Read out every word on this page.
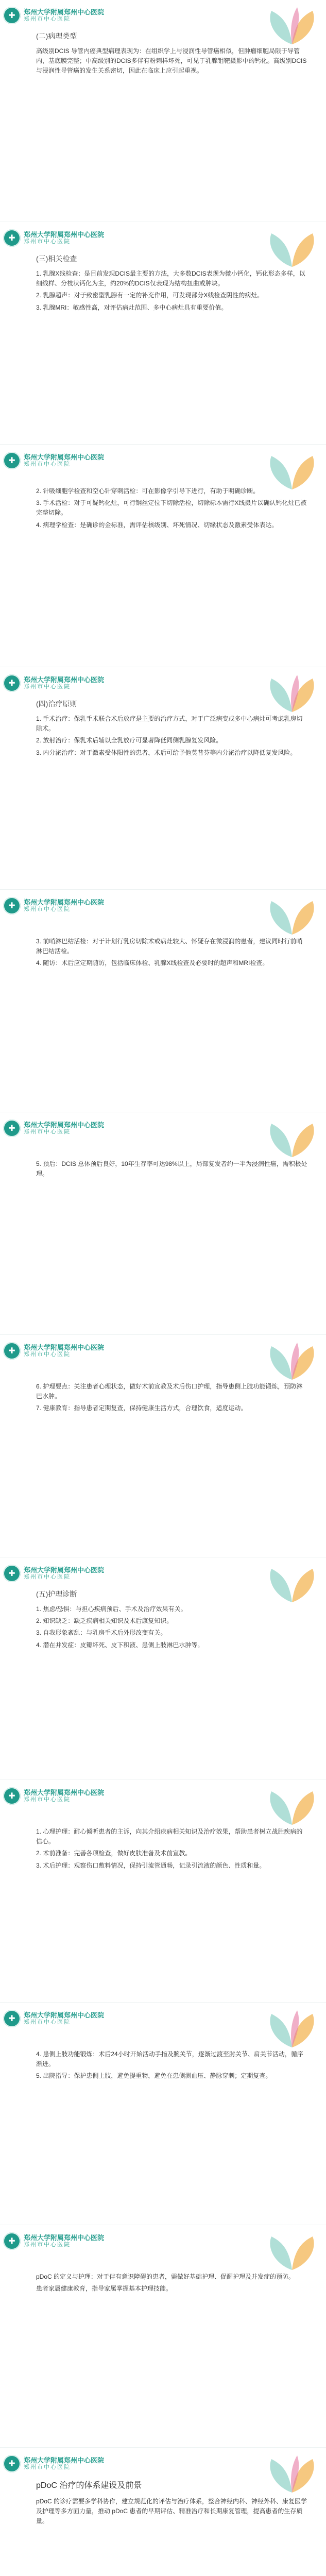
✚	郑州大学附属郑州中心医院
郑州市中心医院
(二)病理类型

高级别DCIS 导管内癌典型病理表现为：在组织学上与浸润性导管癌相似，但肿瘤细胞局限于导管内，基底膜完整；中高级别的DCIS多伴有粉刺样坏死，可见于乳腺钼靶摄影中的钙化。高级别DCIS与浸润性导管癌的发生关系密切，因此在临床上应引起重视。

✚	郑州大学附属郑州中心医院
郑州市中心医院
(三)相关检查

1. 乳腺X线检查：是目前发现DCIS最主要的方法，大多数DCIS表现为微小钙化，钙化形态多样，以细线样、分枝状钙化为主，约20%的DCIS仅表现为结构扭曲或肿块。

2. 乳腺超声：对于致密型乳腺有一定的补充作用，可发现部分X线检查阴性的病灶。

3. 乳腺MRI：敏感性高，对评估病灶范围、多中心病灶具有重要价值。

✚	郑州大学附属郑州中心医院
郑州市中心医院

2. 针吸细胞学检查和空心针穿刺活检：可在影像学引导下进行，有助于明确诊断。

3. 手术活检：对于可疑钙化灶，可行钢丝定位下切除活检，切除标本需行X线摄片以确认钙化灶已被完整切除。

4. 病理学检查：是确诊的金标准，需评估核级别、坏死情况、切缘状态及激素受体表达。

✚	郑州大学附属郑州中心医院
郑州市中心医院
(四)治疗原则

1. 手术治疗：保乳手术联合术后放疗是主要的治疗方式，对于广泛病变或多中心病灶可考虑乳房切除术。

2. 放射治疗：保乳术后辅以全乳放疗可显著降低同侧乳腺复发风险。

3. 内分泌治疗：对于激素受体阳性的患者，术后可给予他莫昔芬等内分泌治疗以降低复发风险。

✚	郑州大学附属郑州中心医院
郑州市中心医院

3. 前哨淋巴结活检：对于计划行乳房切除术或病灶较大、怀疑存在微浸润的患者，建议同时行前哨淋巴结活检。

4. 随访：术后应定期随访，包括临床体检、乳腺X线检查及必要时的超声和MRI检查。

✚	郑州大学附属郑州中心医院
郑州市中心医院

5. 预后：DCIS 总体预后良好，10年生存率可达98%以上，局部复发者约一半为浸润性癌，需积极处理。

✚	郑州大学附属郑州中心医院
郑州市中心医院

6. 护理要点：关注患者心理状态，做好术前宣教及术后伤口护理，指导患侧上肢功能锻炼，预防淋巴水肿。

7. 健康教育：指导患者定期复查，保持健康生活方式，合理饮食，适度运动。

✚	郑州大学附属郑州中心医院
郑州市中心医院
(五)护理诊断

1. 焦虑/恐惧：与担心疾病预后、手术及治疗效果有关。

2. 知识缺乏：缺乏疾病相关知识及术后康复知识。

3. 自我形象紊乱：与乳房手术后外形改变有关。

4. 潜在并发症：皮瓣坏死、皮下积液、患侧上肢淋巴水肿等。

✚	郑州大学附属郑州中心医院
郑州市中心医院

1. 心理护理：耐心倾听患者的主诉，向其介绍疾病相关知识及治疗效果，帮助患者树立战胜疾病的信心。

2. 术前准备：完善各项检查，做好皮肤准备及术前宣教。

3. 术后护理：观察伤口敷料情况，保持引流管通畅，记录引流液的颜色、性质和量。

✚	郑州大学附属郑州中心医院
郑州市中心医院

4. 患侧上肢功能锻炼：术后24小时开始活动手指及腕关节，逐渐过渡至肘关节、肩关节活动，循序渐进。

5. 出院指导：保护患侧上肢，避免提重物，避免在患侧测血压、静脉穿刺；定期复查。

✚	郑州大学附属郑州中心医院
郑州市中心医院

pDoC 的定义与护理：对于伴有意识障碍的患者，需做好基础护理、促醒护理及并发症的预防。

患者家属健康教育，指导家属掌握基本护理技能。

✚	郑州大学附属郑州中心医院
郑州市中心医院

pDoC 治疗的体系建设及前景

pDoC 的诊疗需要多学科协作，建立规范化的评估与治疗体系，整合神经内科、神经外科、康复医学及护理等多方面力量，推动 pDoC 患者的早期评估、精准治疗和长期康复管理，提高患者的生存质量。
